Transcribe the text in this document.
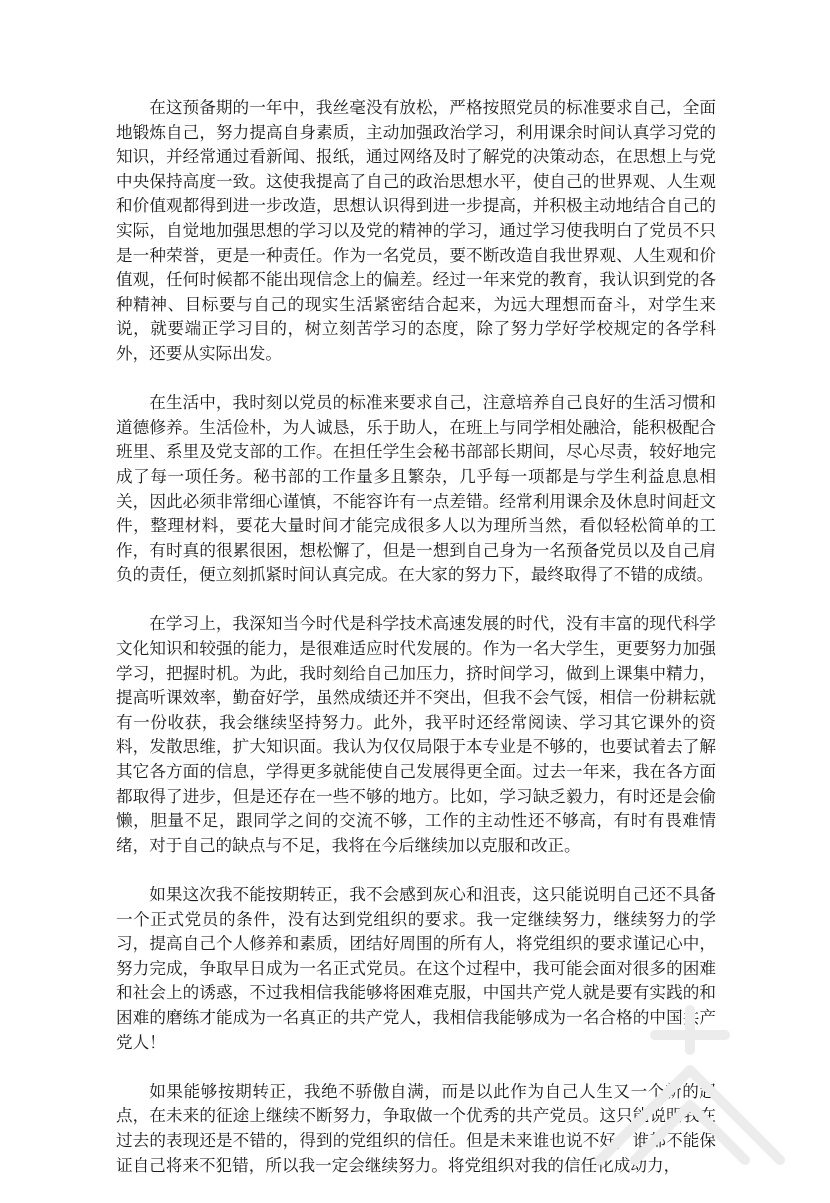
在这预备期的一年中，我丝毫没有放松，严格按照党员的标准要求自己，全面地锻炼自己，努力提高自身素质，主动加强政治学习，利用课余时间认真学习党的知识，并经常通过看新闻、报纸，通过网络及时了解党的决策动态，在思想上与党中央保持高度一致。这使我提高了自己的政治思想水平，使自己的世界观、人生观和价值观都得到进一步改造，思想认识得到进一步提高，并积极主动地结合自己的实际，自觉地加强思想的学习以及党的精神的学习，通过学习使我明白了党员不只是一种荣誉，更是一种责任。作为一名党员，要不断改造自我世界观、人生观和价值观，任何时候都不能出现信念上的偏差。经过一年来党的教育，我认识到党的各种精神、目标要与自己的现实生活紧密结合起来，为远大理想而奋斗，对学生来说，就要端正学习目的，树立刻苦学习的态度，除了努力学好学校规定的各学科外，还要从实际出发。

在生活中，我时刻以党员的标准来要求自己，注意培养自己良好的生活习惯和道德修养。生活俭朴，为人诚恳，乐于助人，在班上与同学相处融洽，能积极配合班里、系里及党支部的工作。在担任学生会秘书部部长期间，尽心尽责，较好地完成了每一项任务。秘书部的工作量多且繁杂，几乎每一项都是与学生利益息息相关，因此必须非常细心谨慎，不能容许有一点差错。经常利用课余及休息时间赶文件，整理材料，要花大量时间才能完成很多人以为理所当然，看似轻松简单的工作，有时真的很累很困，想松懈了，但是一想到自己身为一名预备党员以及自己肩负的责任，便立刻抓紧时间认真完成。在大家的努力下，最终取得了不错的成绩。

在学习上，我深知当今时代是科学技术高速发展的时代，没有丰富的现代科学文化知识和较强的能力，是很难适应时代发展的。作为一名大学生，更要努力加强学习，把握时机。为此，我时刻给自己加压力，挤时间学习，做到上课集中精力，提高听课效率，勤奋好学，虽然成绩还并不突出，但我不会气馁，相信一份耕耘就有一份收获，我会继续坚持努力。此外，我平时还经常阅读、学习其它课外的资料，发散思维，扩大知识面。我认为仅仅局限于本专业是不够的，也要试着去了解其它各方面的信息，学得更多就能使自己发展得更全面。过去一年来，我在各方面都取得了进步，但是还存在一些不够的地方。比如，学习缺乏毅力，有时还是会偷懒，胆量不足，跟同学之间的交流不够，工作的主动性还不够高，有时有畏难情绪，对于自己的缺点与不足，我将在今后继续加以克服和改正。

如果这次我不能按期转正，我不会感到灰心和沮丧，这只能说明自己还不具备一个正式党员的条件，没有达到党组织的要求。我一定继续努力，继续努力的学习，提高自己个人修养和素质，团结好周围的所有人，将党组织的要求谨记心中，努力完成，争取早日成为一名正式党员。在这个过程中，我可能会面对很多的困难和社会上的诱惑，不过我相信我能够将困难克服，中国共产党人就是要有实践的和困难的磨练才能成为一名真正的共产党人，我相信我能够成为一名合格的中国共产党人！

如果能够按期转正，我绝不骄傲自满，而是以此作为自己人生又一个新的起点，在未来的征途上继续不断努力，争取做一个优秀的共产党员。这只能说明我在过去的表现还是不错的，得到的党组织的信任。但是未来谁也说不好，谁都不能保证自己将来不犯错，所以我一定会继续努力。将党组织对我的信任化成动力，
